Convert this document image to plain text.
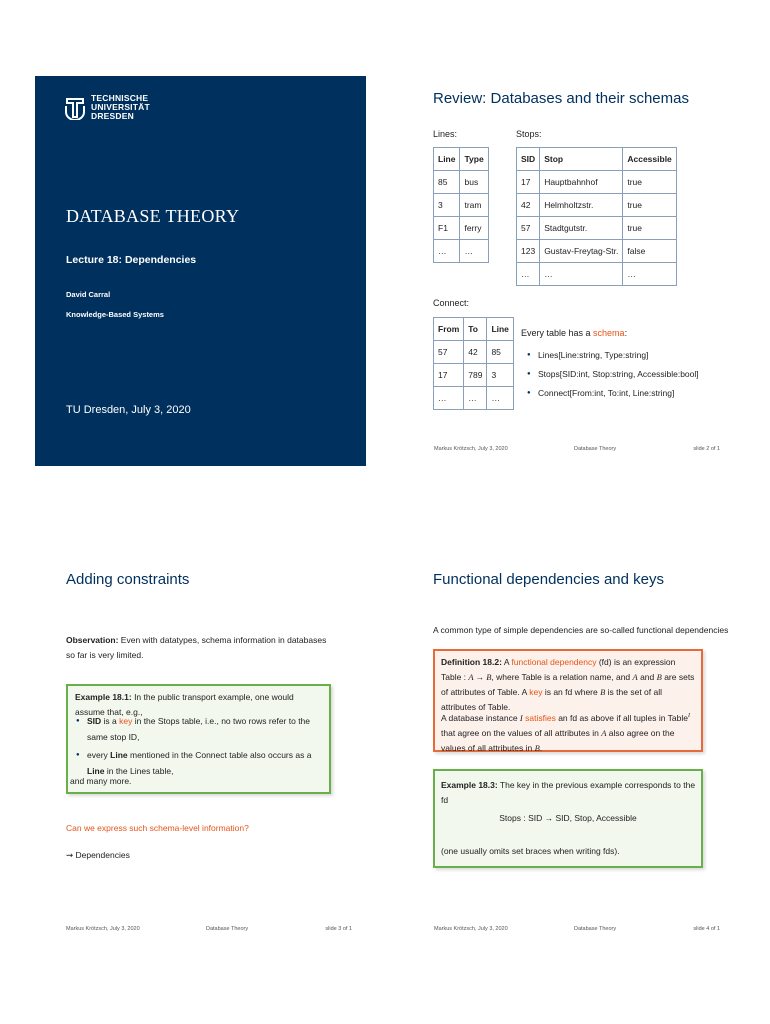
TECHNISCHE
UNIVERSITÄT
DRESDEN
DATABASE THEORY
Lecture 18: Dependencies
David Carral
Knowledge-Based Systems
TU Dresden, July 3, 2020
Review: Databases and their schemas
Lines:
Line	Type
85	bus
3	tram
F1	ferry
…	…
Stops:
SID	Stop	Accessible
17	Hauptbahnhof	true
42	Helmholtzstr.	true
57	Stadtgutstr.	true
123	Gustav-Freytag-Str.	false
…	…	…
Connect:
From	To	Line
57	42	85
17	789	3
…	…	…
Every table has a schema:
● Lines[Line:string, Type:string]
● Stops[SID:int, Stop:string, Accessible:bool]
● Connect[From:int, To:int, Line:string]
Markus Krötzsch, July 3, 2020	Database Theory	slide 2 of 1
Adding constraints
Observation: Even with datatypes, schema information in databases so far is very limited.
Example 18.1: In the public transport example, one would assume that, e.g.,
● SID is a key in the Stops table, i.e., no two rows refer to the same stop ID,
● every Line mentioned in the Connect table also occurs as a Line in the Lines table,
and many more.
Can we express such schema-level information?
⇝ Dependencies
Markus Krötzsch, July 3, 2020	Database Theory	slide 3 of 1
Functional dependencies and keys
A common type of simple dependencies are so-called functional dependencies
Definition 18.2: A functional dependency (fd) is an expression Table : A → B, where Table is a relation name, and A and B are sets of attributes of Table. A key is an fd where B is the set of all attributes of Table.
A database instance I satisfies an fd as above if all tuples in Table$^I$ that agree on the values of all attributes in A also agree on the values of all attributes in B.
Example 18.3: The key in the previous example corresponds to the fd
Stops : SID → SID, Stop, Accessible
(one usually omits set braces when writing fds).
Markus Krötzsch, July 3, 2020	Database Theory	slide 4 of 1
